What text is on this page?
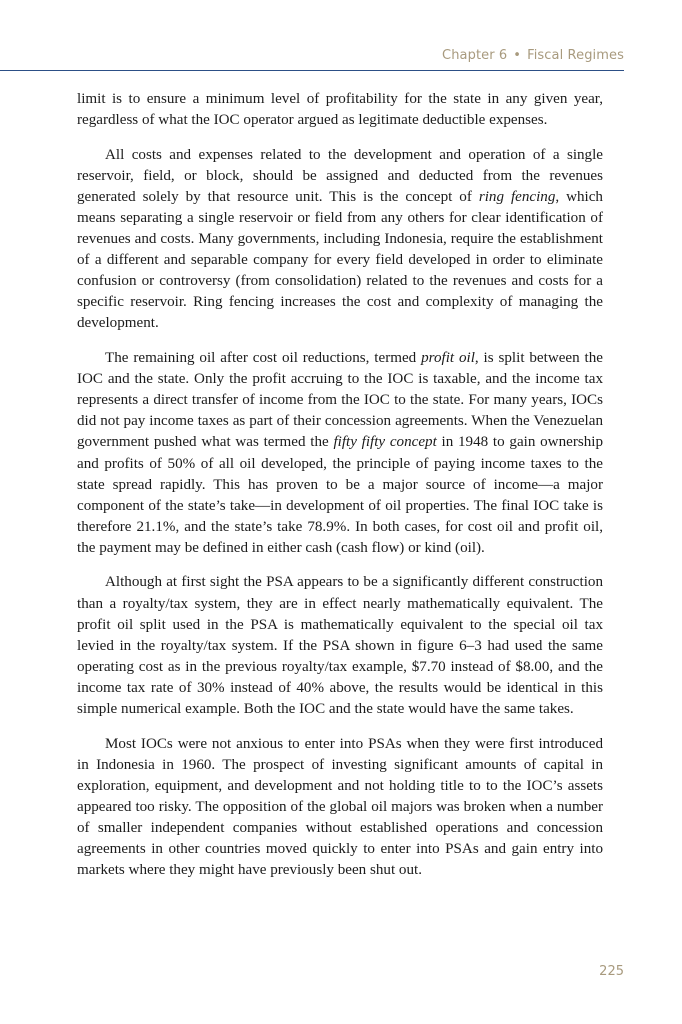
Chapter 6 • Fiscal Regimes

limit is to ensure a minimum level of profitability for the state in any given year, regardless of what the IOC operator argued as legitimate deductible expenses.

All costs and expenses related to the development and operation of a single reservoir, field, or block, should be assigned and deducted from the revenues generated solely by that resource unit. This is the concept of ring fencing, which means separating a single reservoir or field from any others for clear identification of revenues and costs. Many governments, including Indonesia, require the establishment of a different and separable company for every field developed in order to eliminate confusion or controversy (from consolidation) related to the revenues and costs for a specific reservoir. Ring fencing increases the cost and complexity of managing the development.

The remaining oil after cost oil reductions, termed profit oil, is split between the IOC and the state. Only the profit accruing to the IOC is taxable, and the income tax represents a direct transfer of income from the IOC to the state. For many years, IOCs did not pay income taxes as part of their concession agreements. When the Venezuelan government pushed what was termed the fifty fifty concept in 1948 to gain ownership and profits of 50% of all oil developed, the principle of paying income taxes to the state spread rapidly. This has proven to be a major source of income—a major component of the state’s take—in development of oil properties. The final IOC take is therefore 21.1%, and the state’s take 78.9%. In both cases, for cost oil and profit oil, the payment may be defined in either cash (cash flow) or kind (oil).

Although at first sight the PSA appears to be a significantly different construction than a royalty/tax system, they are in effect nearly mathematically equivalent. The profit oil split used in the PSA is mathematically equivalent to the special oil tax levied in the royalty/tax system. If the PSA shown in figure 6–3 had used the same operating cost as in the previous royalty/tax example, $7.70 instead of $8.00, and the income tax rate of 30% instead of 40% above, the results would be identical in this simple numerical example. Both the IOC and the state would have the same takes.

Most IOCs were not anxious to enter into PSAs when they were first introduced in Indonesia in 1960. The prospect of investing significant amounts of capital in exploration, equipment, and development and not holding title to to the IOC’s assets appeared too risky. The opposition of the global oil majors was broken when a number of smaller independent companies without established operations and concession agreements in other countries moved quickly to enter into PSAs and gain entry into markets where they might have previously been shut out.

225
